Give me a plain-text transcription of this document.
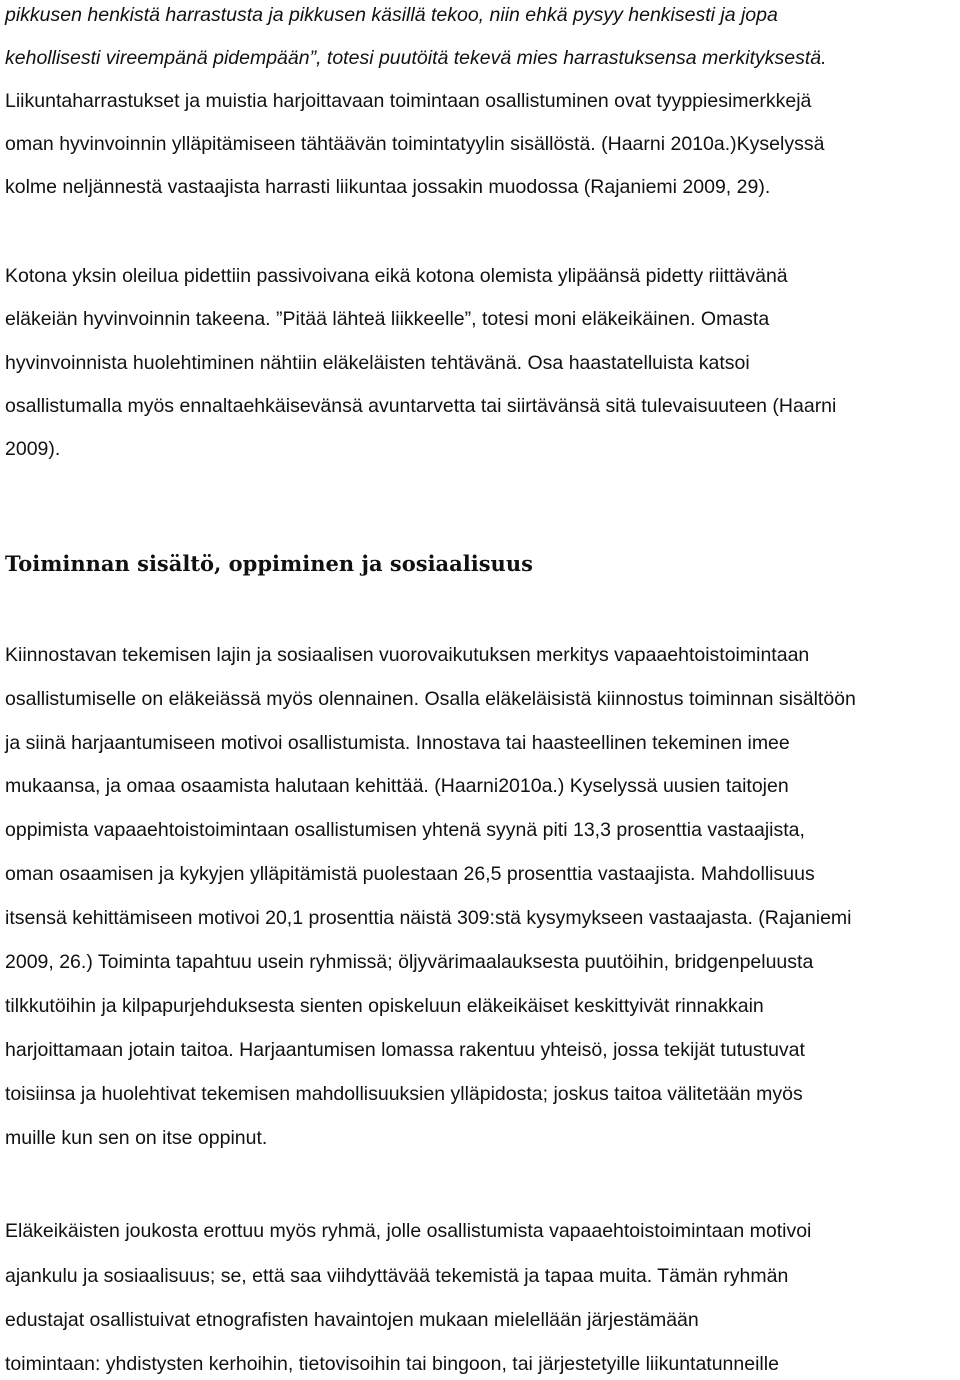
pikkusen henkistä harrastusta ja pikkusen käsillä tekoo, niin ehkä pysyy henkisesti ja jopa
kehollisesti vireempänä pidempään”, totesi puutöitä tekevä mies harrastuksensa merkityksestä.
Liikuntaharrastukset ja muistia harjoittavaan toimintaan osallistuminen ovat tyyppiesimerkkejä
oman hyvinvoinnin ylläpitämiseen tähtäävän toimintatyylin sisällöstä. (Haarni 2010a.)Kyselyssä
kolme neljännestä vastaajista harrasti liikuntaa jossakin muodossa (Rajaniemi 2009, 29).
Kotona yksin oleilua pidettiin passivoivana eikä kotona olemista ylipäänsä pidetty riittävänä
eläkeiän hyvinvoinnin takeena. ”Pitää lähteä liikkeelle”, totesi moni eläkeikäinen. Omasta
hyvinvoinnista huolehtiminen nähtiin eläkeläisten tehtävänä. Osa haastatelluista katsoi
osallistumalla myös ennaltaehkäisevänsä avuntarvetta tai siirtävänsä sitä tulevaisuuteen (Haarni
2009).
Toiminnan sisältö, oppiminen ja sosiaalisuus
Kiinnostavan tekemisen lajin ja sosiaalisen vuorovaikutuksen merkitys vapaaehtoistoimintaan
osallistumiselle on eläkeiässä myös olennainen. Osalla eläkeläisistä kiinnostus toiminnan sisältöön
ja siinä harjaantumiseen motivoi osallistumista. Innostava tai haasteellinen tekeminen imee
mukaansa, ja omaa osaamista halutaan kehittää. (Haarni2010a.) Kyselyssä uusien taitojen
oppimista vapaaehtoistoimintaan osallistumisen yhtenä syynä piti 13,3 prosenttia vastaajista,
oman osaamisen ja kykyjen ylläpitämistä puolestaan 26,5 prosenttia vastaajista. Mahdollisuus
itsensä kehittämiseen motivoi 20,1 prosenttia näistä 309:stä kysymykseen vastaajasta. (Rajaniemi
2009, 26.) Toiminta tapahtuu usein ryhmissä; öljyvärimaalauksesta puutöihin, bridgenpeluusta
tilkkutöihin ja kilpapurjehduksesta sienten opiskeluun eläkeikäiset keskittyivät rinnakkain
harjoittamaan jotain taitoa. Harjaantumisen lomassa rakentuu yhteisö, jossa tekijät tutustuvat
toisiinsa ja huolehtivat tekemisen mahdollisuuksien ylläpidosta; joskus taitoa välitetään myös
muille kun sen on itse oppinut.
Eläkeikäisten joukosta erottuu myös ryhmä, jolle osallistumista vapaaehtoistoimintaan motivoi
ajankulu ja sosiaalisuus; se, että saa viihdyttävää tekemistä ja tapaa muita. Tämän ryhmän
edustajat osallistuivat etnografisten havaintojen mukaan mielellään järjestämään
toimintaan: yhdistysten kerhoihin, tietovisoihin tai bingoon, tai järjestetyille liikuntatunneille
